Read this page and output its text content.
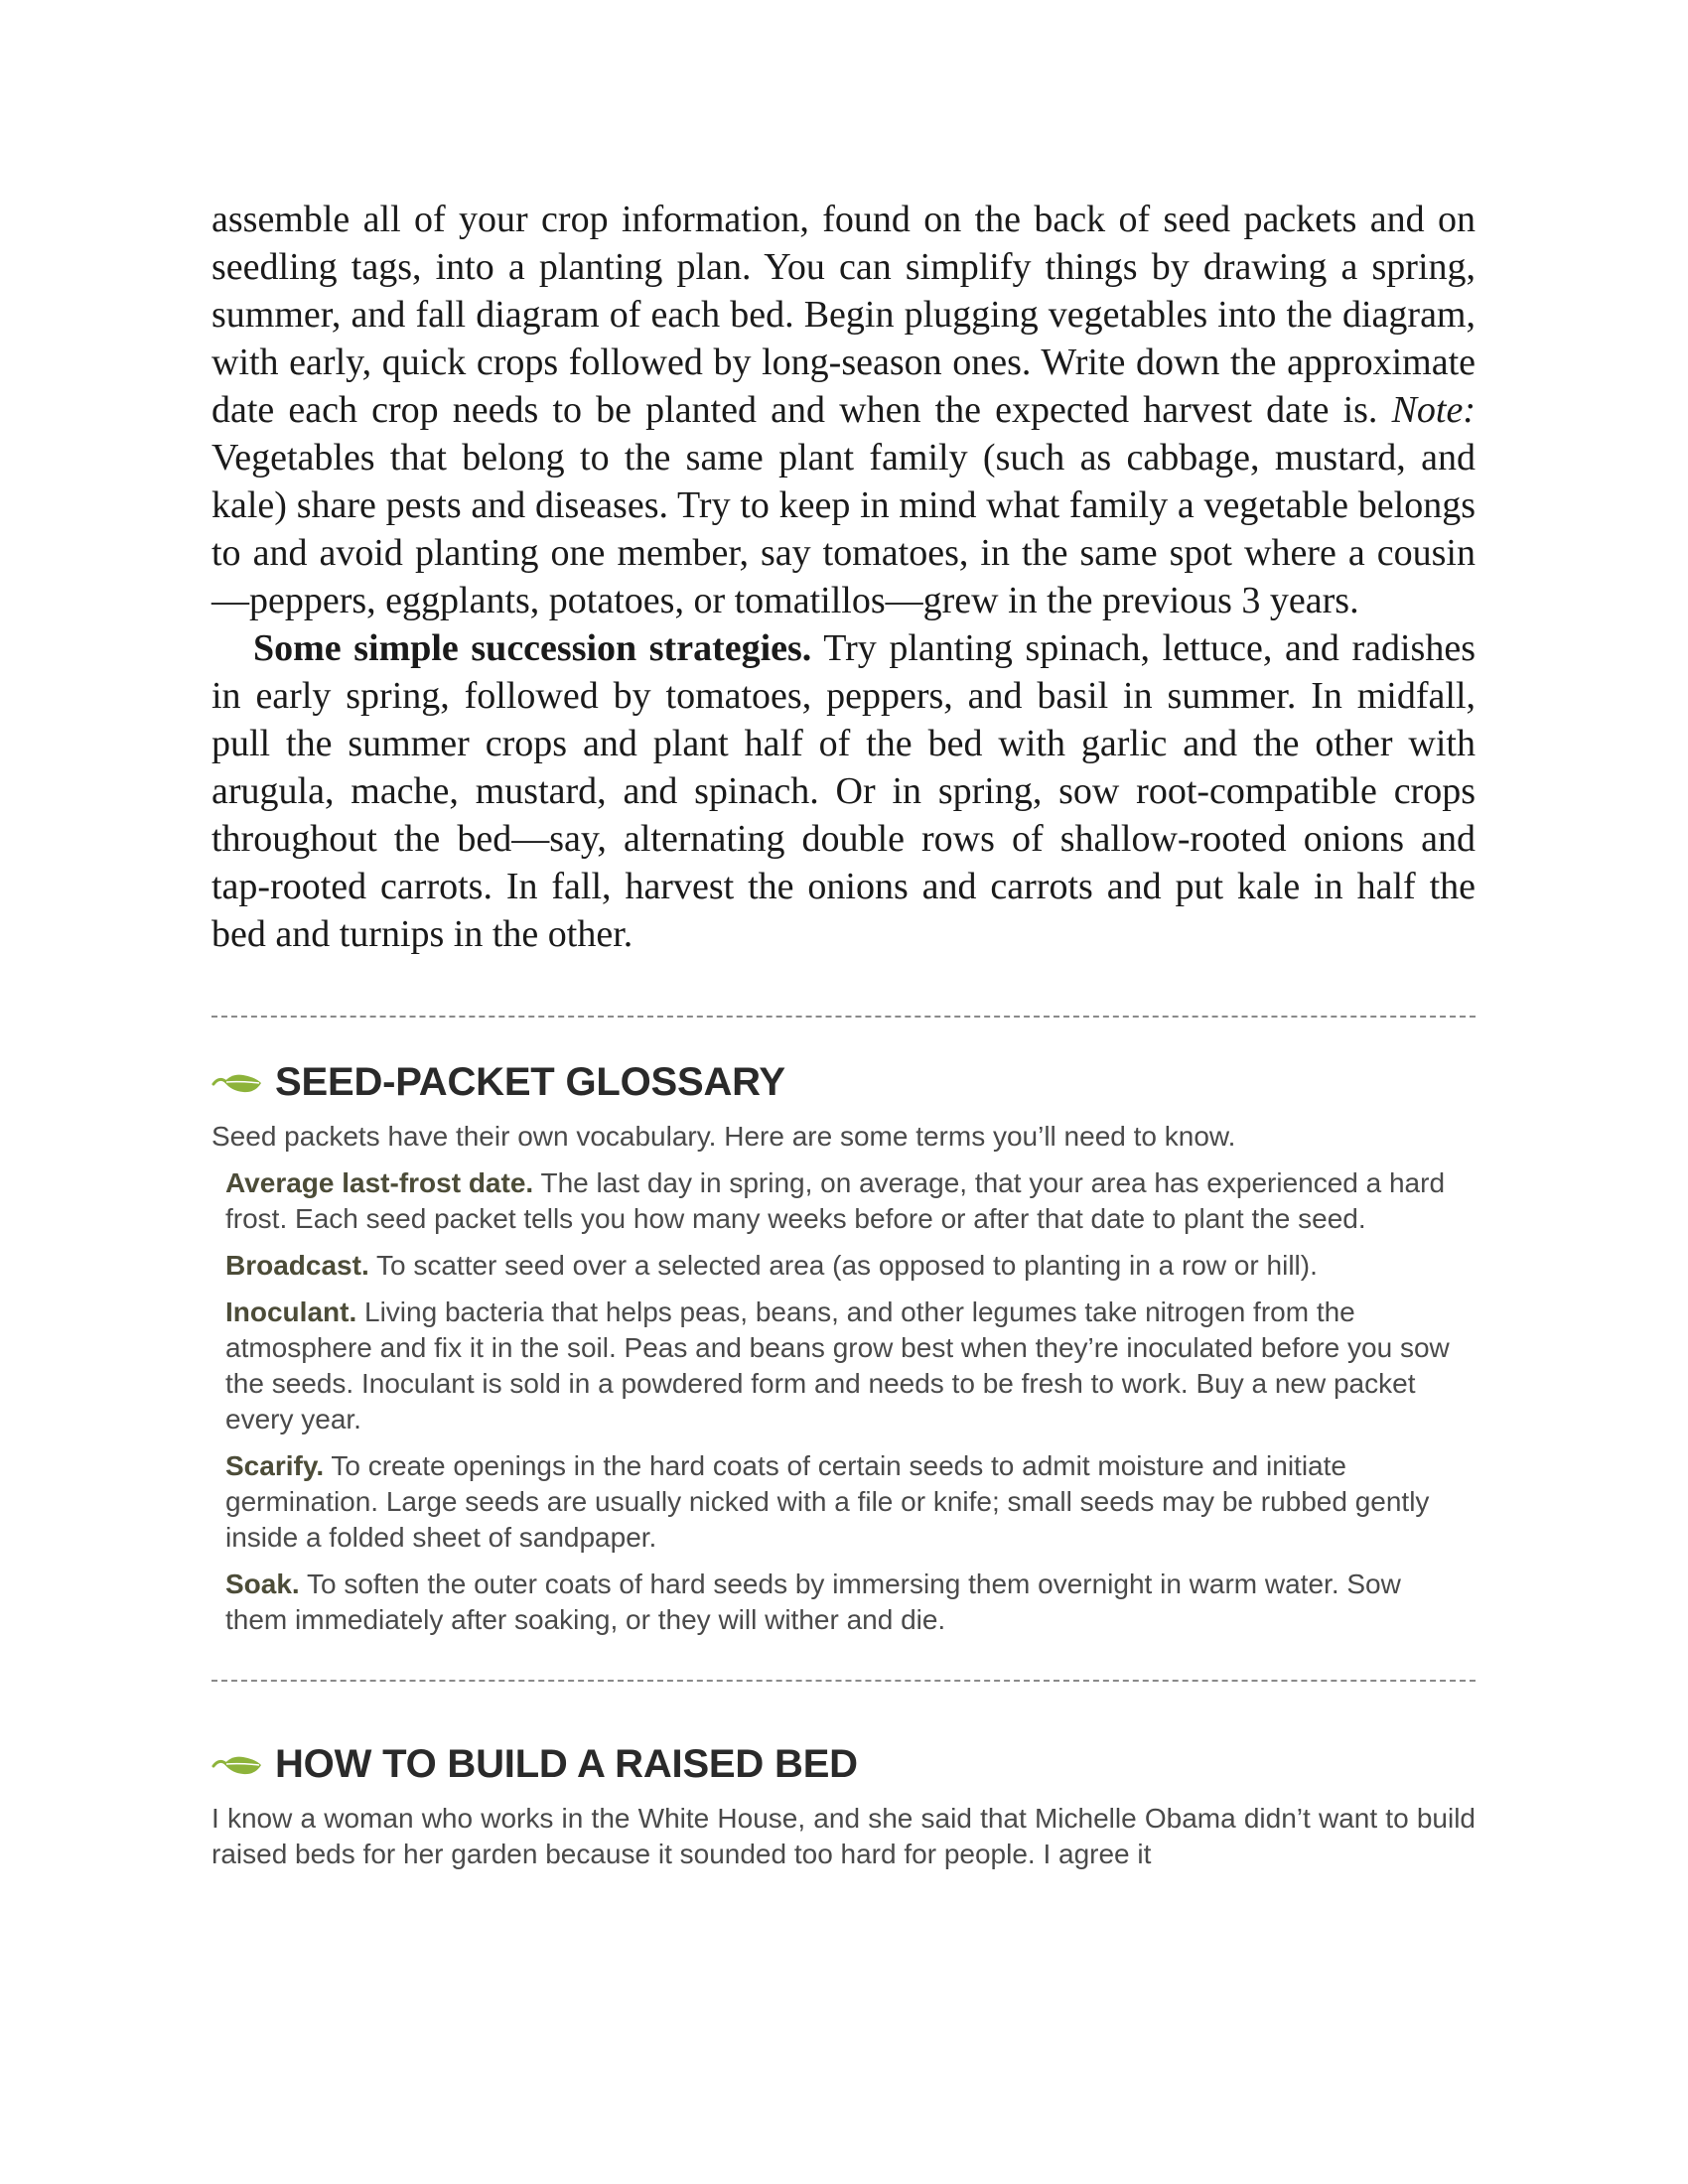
assemble all of your crop information, found on the back of seed packets and on seedling tags, into a planting plan. You can simplify things by drawing a spring, summer, and fall diagram of each bed. Begin plugging vegetables into the diagram, with early, quick crops followed by long-season ones. Write down the approximate date each crop needs to be planted and when the expected harvest date is. Note: Vegetables that belong to the same plant family (such as cabbage, mustard, and kale) share pests and diseases. Try to keep in mind what family a vegetable belongs to and avoid planting one member, say tomatoes, in the same spot where a cousin—peppers, eggplants, potatoes, or tomatillos—grew in the previous 3 years.

Some simple succession strategies. Try planting spinach, lettuce, and radishes in early spring, followed by tomatoes, peppers, and basil in summer. In midfall, pull the summer crops and plant half of the bed with garlic and the other with arugula, mache, mustard, and spinach. Or in spring, sow root-compatible crops throughout the bed—say, alternating double rows of shallow-rooted onions and tap-rooted carrots. In fall, harvest the onions and carrots and put kale in half the bed and turnips in the other.

SEED-PACKET GLOSSARY

Seed packets have their own vocabulary. Here are some terms you’ll need to know.

Average last-frost date. The last day in spring, on average, that your area has experienced a hard frost. Each seed packet tells you how many weeks before or after that date to plant the seed.

Broadcast. To scatter seed over a selected area (as opposed to planting in a row or hill).

Inoculant. Living bacteria that helps peas, beans, and other legumes take nitrogen from the atmosphere and fix it in the soil. Peas and beans grow best when they’re inoculated before you sow the seeds. Inoculant is sold in a powdered form and needs to be fresh to work. Buy a new packet every year.

Scarify. To create openings in the hard coats of certain seeds to admit moisture and initiate germination. Large seeds are usually nicked with a file or knife; small seeds may be rubbed gently inside a folded sheet of sandpaper.

Soak. To soften the outer coats of hard seeds by immersing them overnight in warm water. Sow them immediately after soaking, or they will wither and die.

HOW TO BUILD A RAISED BED

I know a woman who works in the White House, and she said that Michelle Obama didn’t want to build raised beds for her garden because it sounded too hard for people. I agree it
